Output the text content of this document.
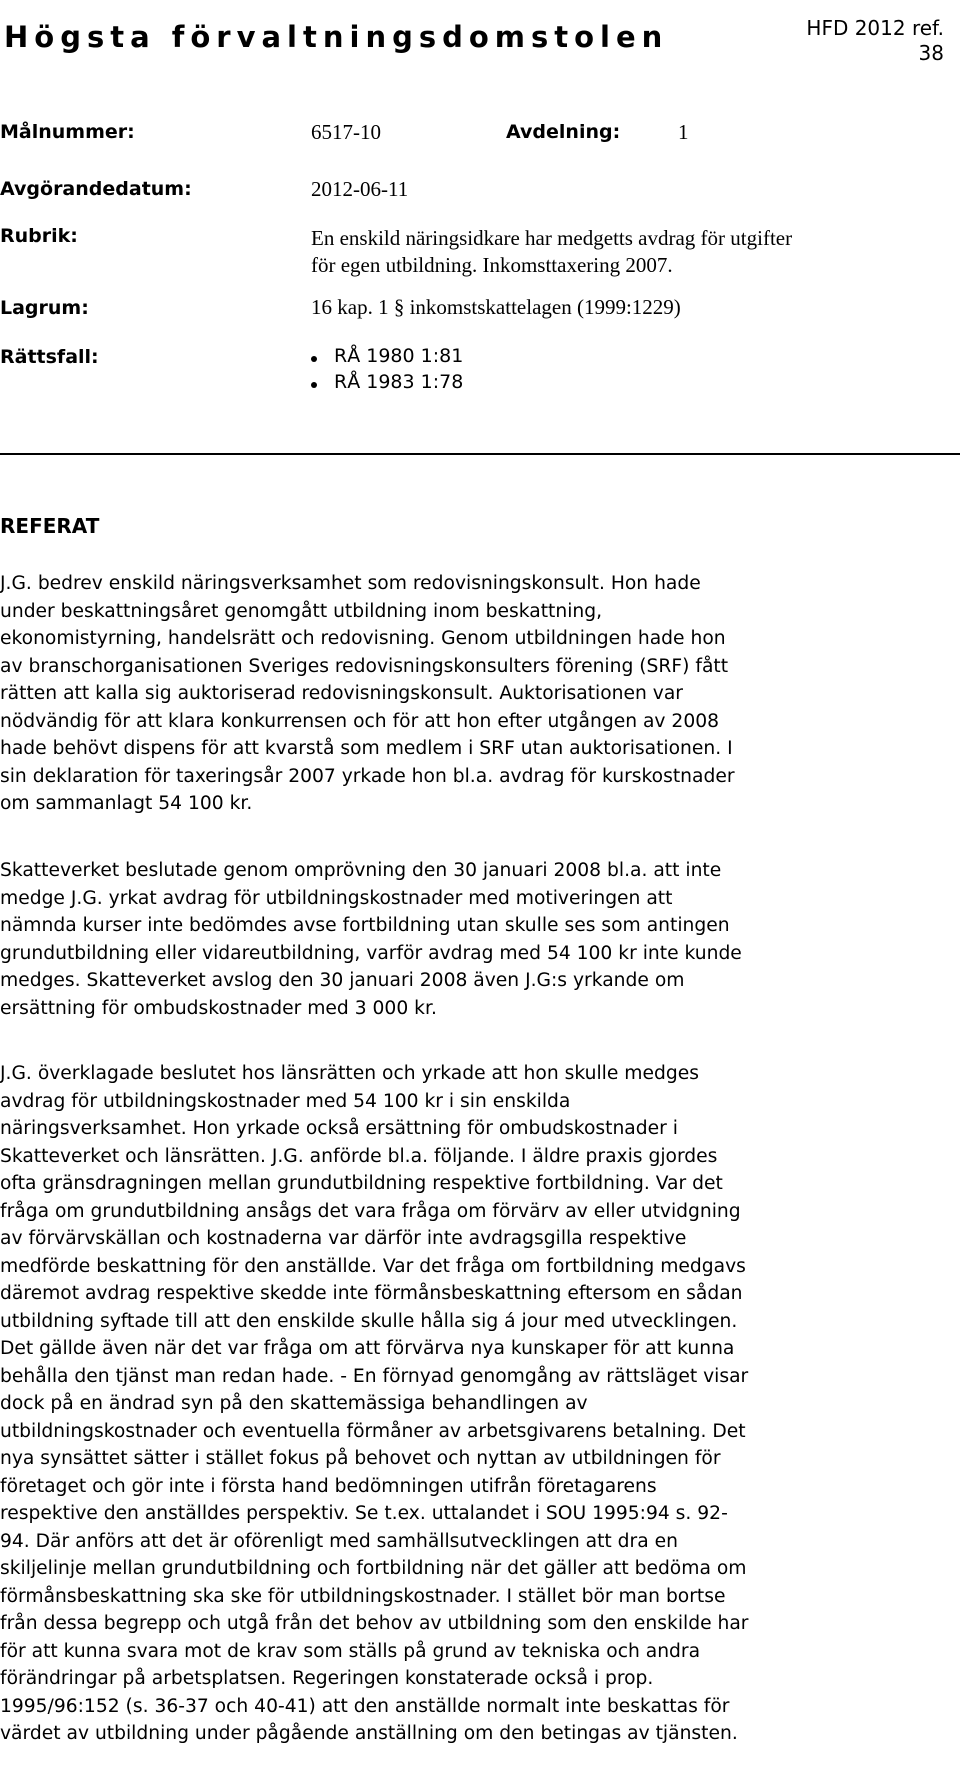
Högsta förvaltningsdomstolen	HFD 2012 ref.
38
Målnummer:	6517-10	Avdelning:	1
Avgörandedatum:	2012-06-11
Rubrik:	En enskild näringsidkare har medgetts avdrag för utgifter
för egen utbildning. Inkomsttaxering 2007.
Lagrum:	16 kap. 1 § inkomstskattelagen (1999:1229)
Rättsfall:	RÅ 1980 1:81
RÅ 1983 1:78
REFERAT
J.G. bedrev enskild näringsverksamhet som redovisningskonsult. Hon hade
under beskattningsåret genomgått utbildning inom beskattning,
ekonomistyrning, handelsrätt och redovisning. Genom utbildningen hade hon
av branschorganisationen Sveriges redovisningskonsulters förening (SRF) fått
rätten att kalla sig auktoriserad redovisningskonsult. Auktorisationen var
nödvändig för att klara konkurrensen och för att hon efter utgången av 2008
hade behövt dispens för att kvarstå som medlem i SRF utan auktorisationen. I
sin deklaration för taxeringsår 2007 yrkade hon bl.a. avdrag för kurskostnader
om sammanlagt 54 100 kr.
Skatteverket beslutade genom omprövning den 30 januari 2008 bl.a. att inte
medge J.G. yrkat avdrag för utbildningskostnader med motiveringen att
nämnda kurser inte bedömdes avse fortbildning utan skulle ses som antingen
grundutbildning eller vidareutbildning, varför avdrag med 54 100 kr inte kunde
medges. Skatteverket avslog den 30 januari 2008 även J.G:s yrkande om
ersättning för ombudskostnader med 3 000 kr.
J.G. överklagade beslutet hos länsrätten och yrkade att hon skulle medges
avdrag för utbildningskostnader med 54 100 kr i sin enskilda
näringsverksamhet. Hon yrkade också ersättning för ombudskostnader i
Skatteverket och länsrätten. J.G. anförde bl.a. följande. I äldre praxis gjordes
ofta gränsdragningen mellan grundutbildning respektive fortbildning. Var det
fråga om grundutbildning ansågs det vara fråga om förvärv av eller utvidgning
av förvärvskällan och kostnaderna var därför inte avdragsgilla respektive
medförde beskattning för den anställde. Var det fråga om fortbildning medgavs
däremot avdrag respektive skedde inte förmånsbeskattning eftersom en sådan
utbildning syftade till att den enskilde skulle hålla sig á jour med utvecklingen.
Det gällde även när det var fråga om att förvärva nya kunskaper för att kunna
behålla den tjänst man redan hade. - En förnyad genomgång av rättsläget visar
dock på en ändrad syn på den skattemässiga behandlingen av
utbildningskostnader och eventuella förmåner av arbetsgivarens betalning. Det
nya synsättet sätter i stället fokus på behovet och nyttan av utbildningen för
företaget och gör inte i första hand bedömningen utifrån företagarens
respektive den anställdes perspektiv. Se t.ex. uttalandet i SOU 1995:94 s. 92-
94. Där anförs att det är oförenligt med samhällsutvecklingen att dra en
skiljelinje mellan grundutbildning och fortbildning när det gäller att bedöma om
förmånsbeskattning ska ske för utbildningskostnader. I stället bör man bortse
från dessa begrepp och utgå från det behov av utbildning som den enskilde har
för att kunna svara mot de krav som ställs på grund av tekniska och andra
förändringar på arbetsplatsen. Regeringen konstaterade också i prop.
1995/96:152 (s. 36-37 och 40-41) att den anställde normalt inte beskattas för
värdet av utbildning under pågående anställning om den betingas av tjänsten.
